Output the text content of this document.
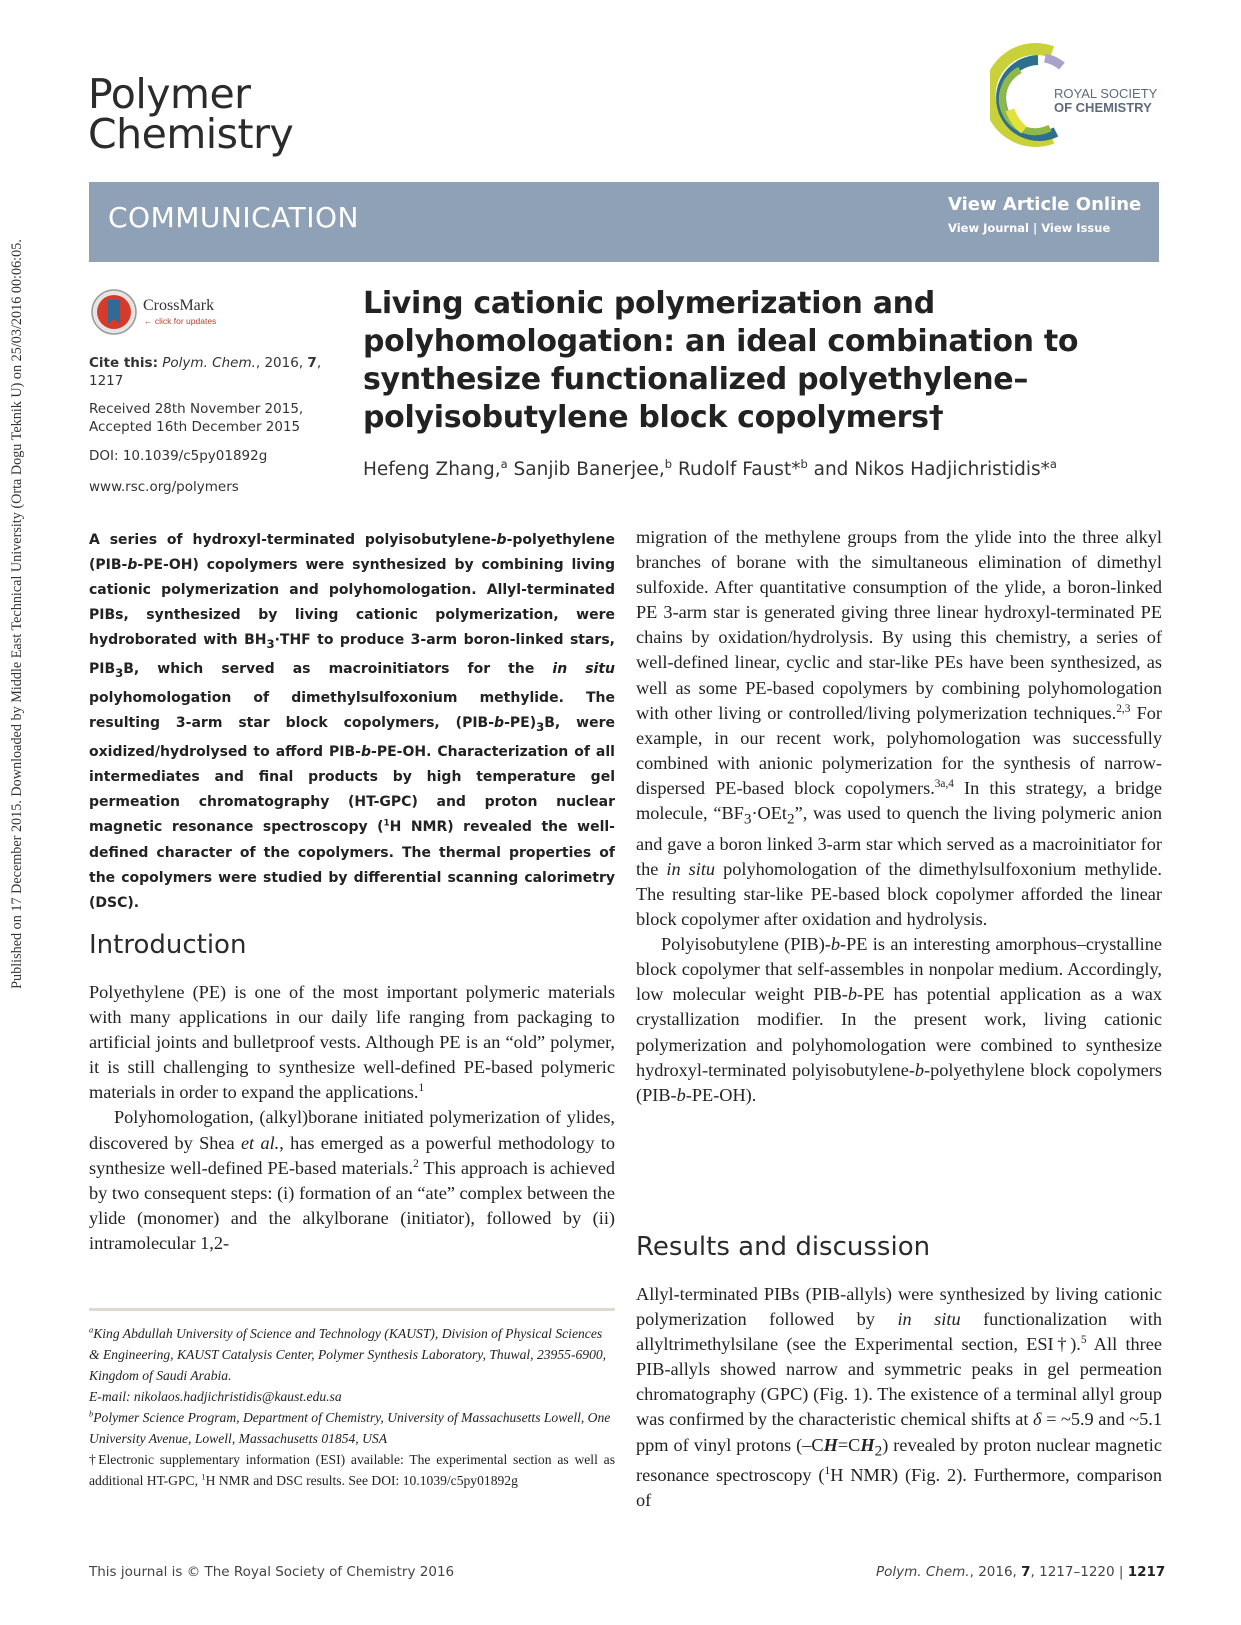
Published on 17 December 2015. Downloaded by Middle East Technical University (Orta Dogu Teknik U) on 25/03/2016 00:06:05.
Polymer
Chemistry
ROYAL SOCIETY
OF CHEMISTRY
COMMUNICATION	View Article Online
View Journal | View Issue
CrossMark
← click for updates
Cite this: Polym. Chem., 2016, 7, 1217
Received 28th November 2015,
Accepted 16th December 2015
DOI: 10.1039/c5py01892g
www.rsc.org/polymers
Living cationic polymerization and polyhomologation: an ideal combination to synthesize functionalized polyethylene–polyisobutylene block copolymers†
Hefeng Zhang,$^a$ Sanjib Banerjee,$^b$ Rudolf Faust*$^b$ and Nikos Hadjichristidis*$^a$
A series of hydroxyl-terminated polyisobutylene-b-polyethylene (PIB-b-PE-OH) copolymers were synthesized by combining living cationic polymerization and polyhomologation. Allyl-terminated PIBs, synthesized by living cationic polymerization, were hydroborated with $BH_3\cdot THF$ to produce 3-arm boron-linked stars, $PIB_3B$, which served as macroinitiators for the in situ polyhomologation of dimethylsulfoxonium methylide. The resulting 3-arm star block copolymers, $(PIB-b-PE)_3B$, were oxidized/hydrolysed to afford PIB-b-PE-OH. Characterization of all intermediates and final products by high temperature gel permeation chromatography (HT-GPC) and proton nuclear magnetic resonance spectroscopy ($^1$H NMR) revealed the well-defined character of the copolymers. The thermal properties of the copolymers were studied by differential scanning calorimetry (DSC).
Introduction

Polyethylene (PE) is one of the most important polymeric materials with many applications in our daily life ranging from packaging to artificial joints and bulletproof vests. Although PE is an “old” polymer, it is still challenging to synthesize well-defined PE-based polymeric materials in order to expand the applications.$^1$

Polyhomologation, (alkyl)borane initiated polymerization of ylides, discovered by Shea et al., has emerged as a powerful methodology to synthesize well-defined PE-based materials.$^2$ This approach is achieved by two consequent steps: (i) formation of an “ate” complex between the ylide (monomer) and the alkylborane (initiator), followed by (ii) intramolecular 1,2-

migration of the methylene groups from the ylide into the three alkyl branches of borane with the simultaneous elimination of dimethyl sulfoxide. After quantitative consumption of the ylide, a boron-linked PE 3-arm star is generated giving three linear hydroxyl-terminated PE chains by oxidation/hydrolysis. By using this chemistry, a series of well-defined linear, cyclic and star-like PEs have been synthesized, as well as some PE-based copolymers by combining polyhomologation with other living or controlled/living polymerization techniques.$^{2,3}$ For example, in our recent work, polyhomologation was successfully combined with anionic polymerization for the synthesis of narrow-dispersed PE-based block copolymers.$^{3a,4}$ In this strategy, a bridge molecule, “$BF_3\cdot OEt_2$”, was used to quench the living polymeric anion and gave a boron linked 3-arm star which served as a macroinitiator for the in situ polyhomologation of the dimethylsulfoxonium methylide. The resulting star-like PE-based block copolymer afforded the linear block copolymer after oxidation and hydrolysis.

Polyisobutylene (PIB)-b-PE is an interesting amorphous–crystalline block copolymer that self-assembles in nonpolar medium. Accordingly, low molecular weight PIB-b-PE has potential application as a wax crystallization modifier. In the present work, living cationic polymerization and polyhomologation were combined to synthesize hydroxyl-terminated polyisobutylene-b-polyethylene block copolymers (PIB-b-PE-OH).

Results and discussion

Allyl-terminated PIBs (PIB-allyls) were synthesized by living cationic polymerization followed by in situ functionalization with allyltrimethylsilane (see the Experimental section, ESI†).$^5$ All three PIB-allyls showed narrow and symmetric peaks in gel permeation chromatography (GPC) (Fig. 1). The existence of a terminal allyl group was confirmed by the characteristic chemical shifts at δ = ~5.9 and ~5.1 ppm of vinyl protons $(-CH=CH_2)$ revealed by proton nuclear magnetic resonance spectroscopy ($^1$H NMR) (Fig. 2). Furthermore, comparison of

$^a$King Abdullah University of Science and Technology (KAUST), Division of Physical Sciences & Engineering, KAUST Catalysis Center, Polymer Synthesis Laboratory, Thuwal, 23955-6900, Kingdom of Saudi Arabia.

E-mail: nikolaos.hadjichristidis@kaust.edu.sa

$^b$Polymer Science Program, Department of Chemistry, University of Massachusetts Lowell, One University Avenue, Lowell, Massachusetts 01854, USA

†Electronic supplementary information (ESI) available: The experimental section as well as additional HT-GPC, $^1$H NMR and DSC results. See DOI: 10.1039/c5py01892g

This journal is © The Royal Society of Chemistry 2016	Polym. Chem., 2016, 7, 1217–1220 | 1217
